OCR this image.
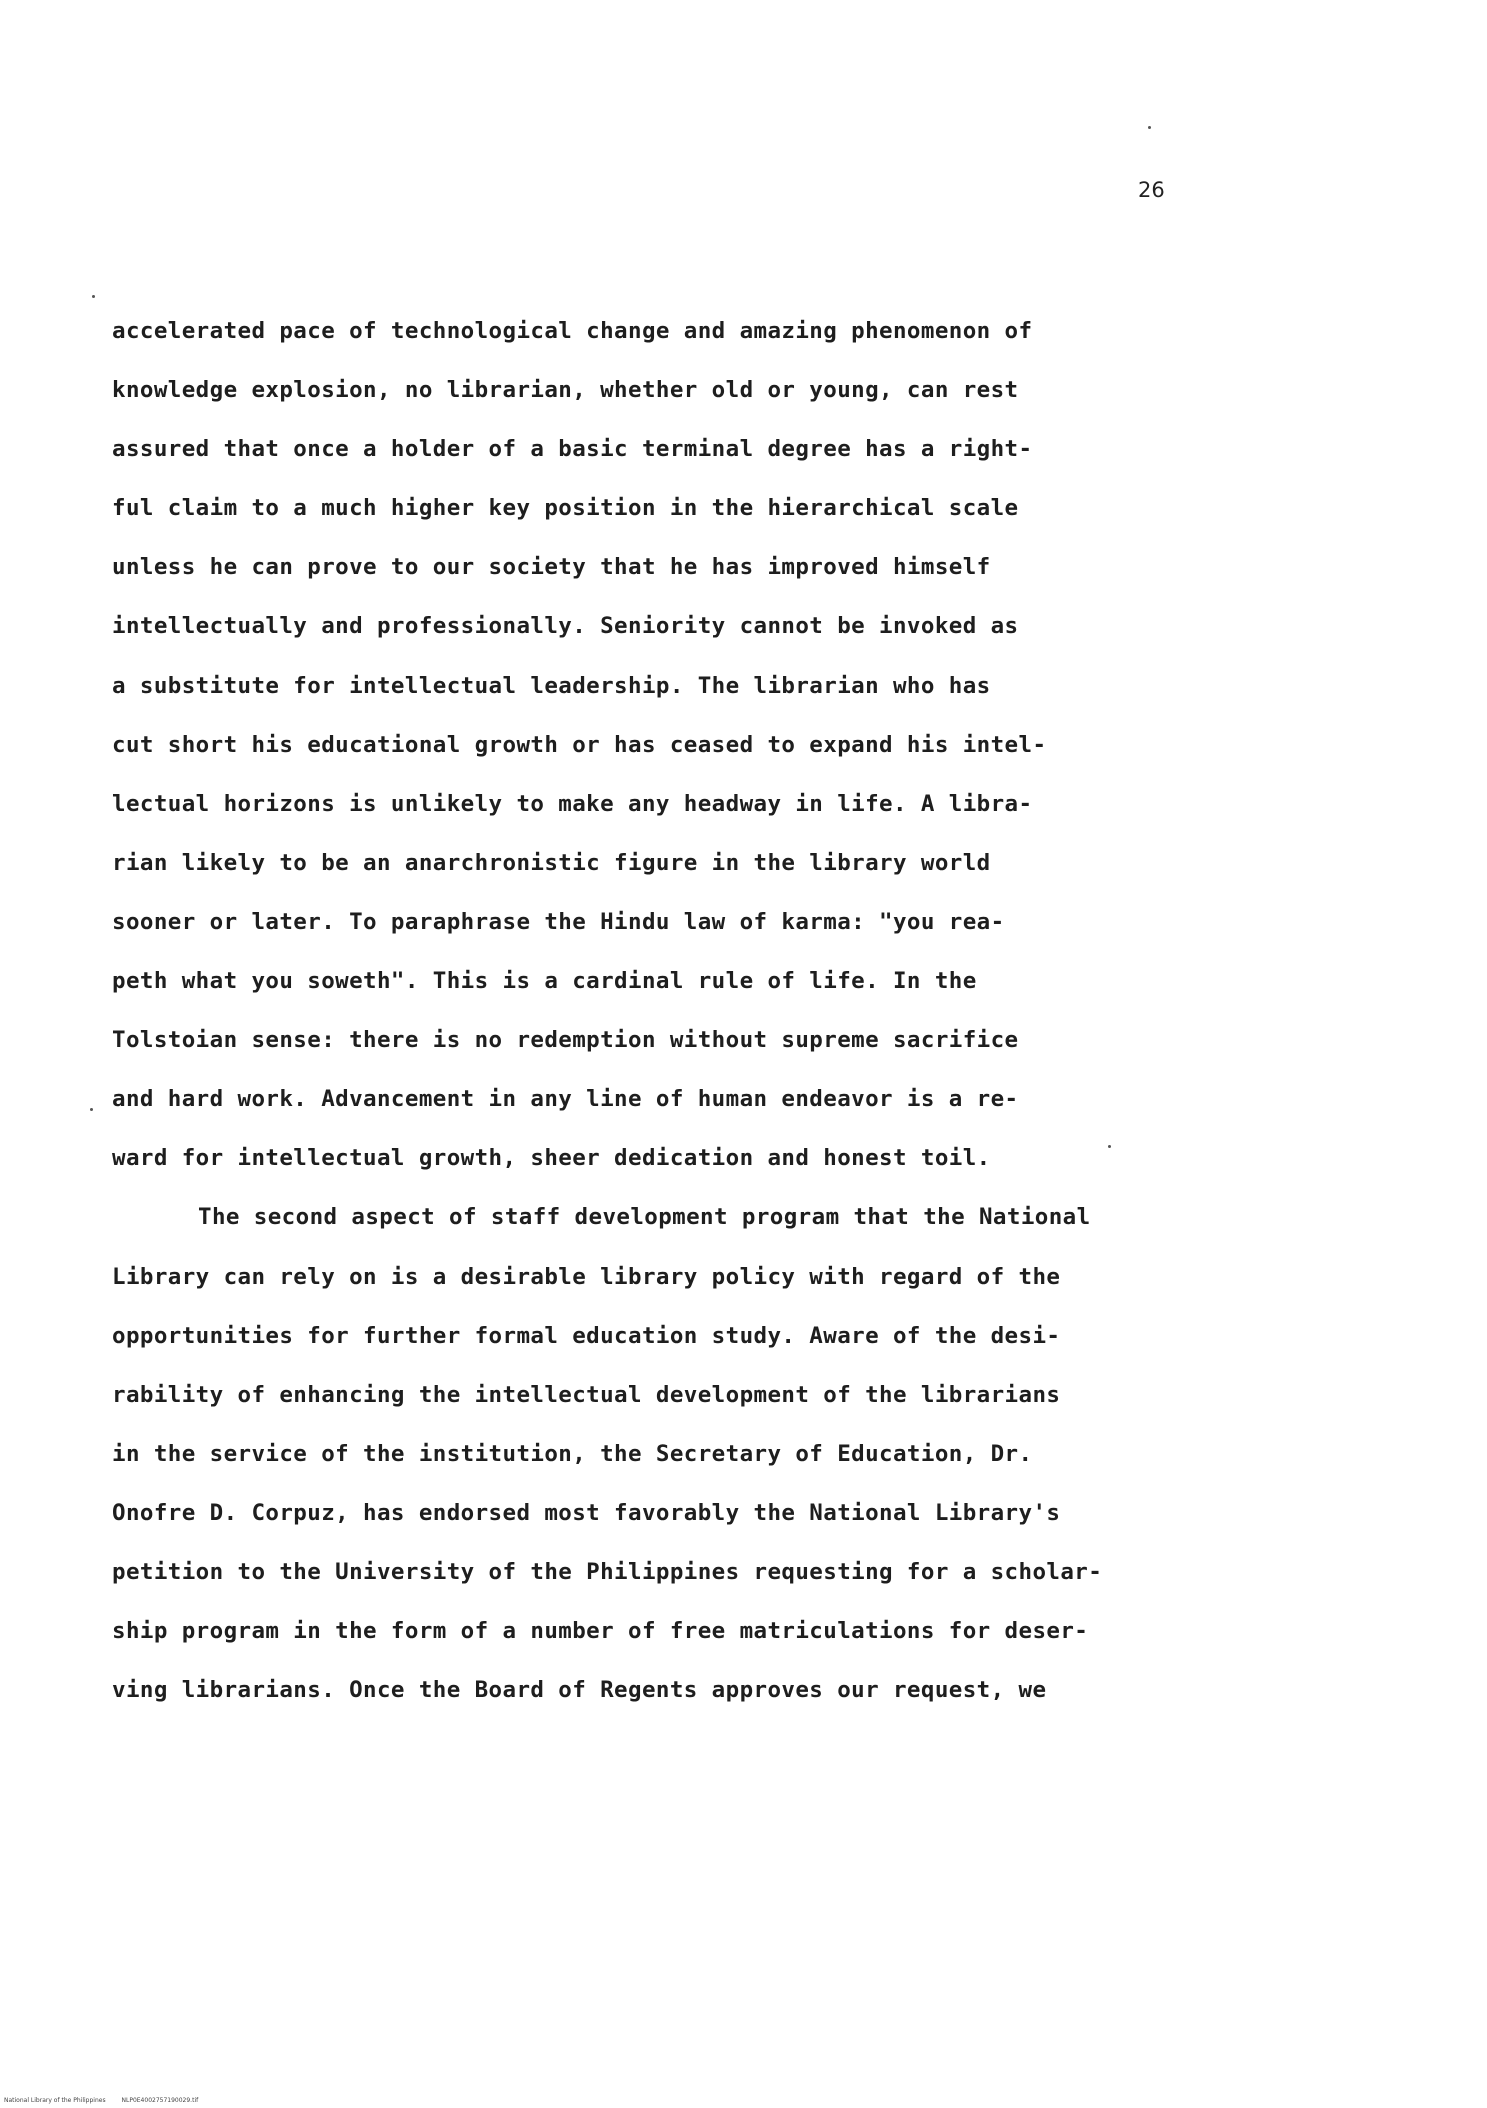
26
accelerated pace of technological change and amazing phenomenon of
knowledge explosion, no librarian, whether old or young, can rest
assured that once a holder of a basic terminal degree has a right-
ful claim to a much higher key position in the hierarchical scale
unless he can prove to our society that he has improved himself
intellectually and professionally. Seniority cannot be invoked as
a substitute for intellectual leadership. The librarian who has
cut short his educational growth or has ceased to expand his intel-
lectual horizons is unlikely to make any headway in life. A libra-
rian likely to be an anarchronistic figure in the library world
sooner or later. To paraphrase the Hindu law of karma: "you rea-
peth what you soweth". This is a cardinal rule of life. In the
Tolstoian sense: there is no redemption without supreme sacrifice
and hard work. Advancement in any line of human endeavor is a re-
ward for intellectual growth, sheer dedication and honest toil.
The second aspect of staff development program that the National
Library can rely on is a desirable library policy with regard of the
opportunities for further formal education study. Aware of the desi-
rability of enhancing the intellectual development of the librarians
in the service of the institution, the Secretary of Education, Dr.
Onofre D. Corpuz, has endorsed most favorably the National Library's
petition to the University of the Philippines requesting for a scholar-
ship program in the form of a number of free matriculations for deser-
ving librarians. Once the Board of Regents approves our request, we
National Library of the Philippines	NLP0E4002757190029.tif
